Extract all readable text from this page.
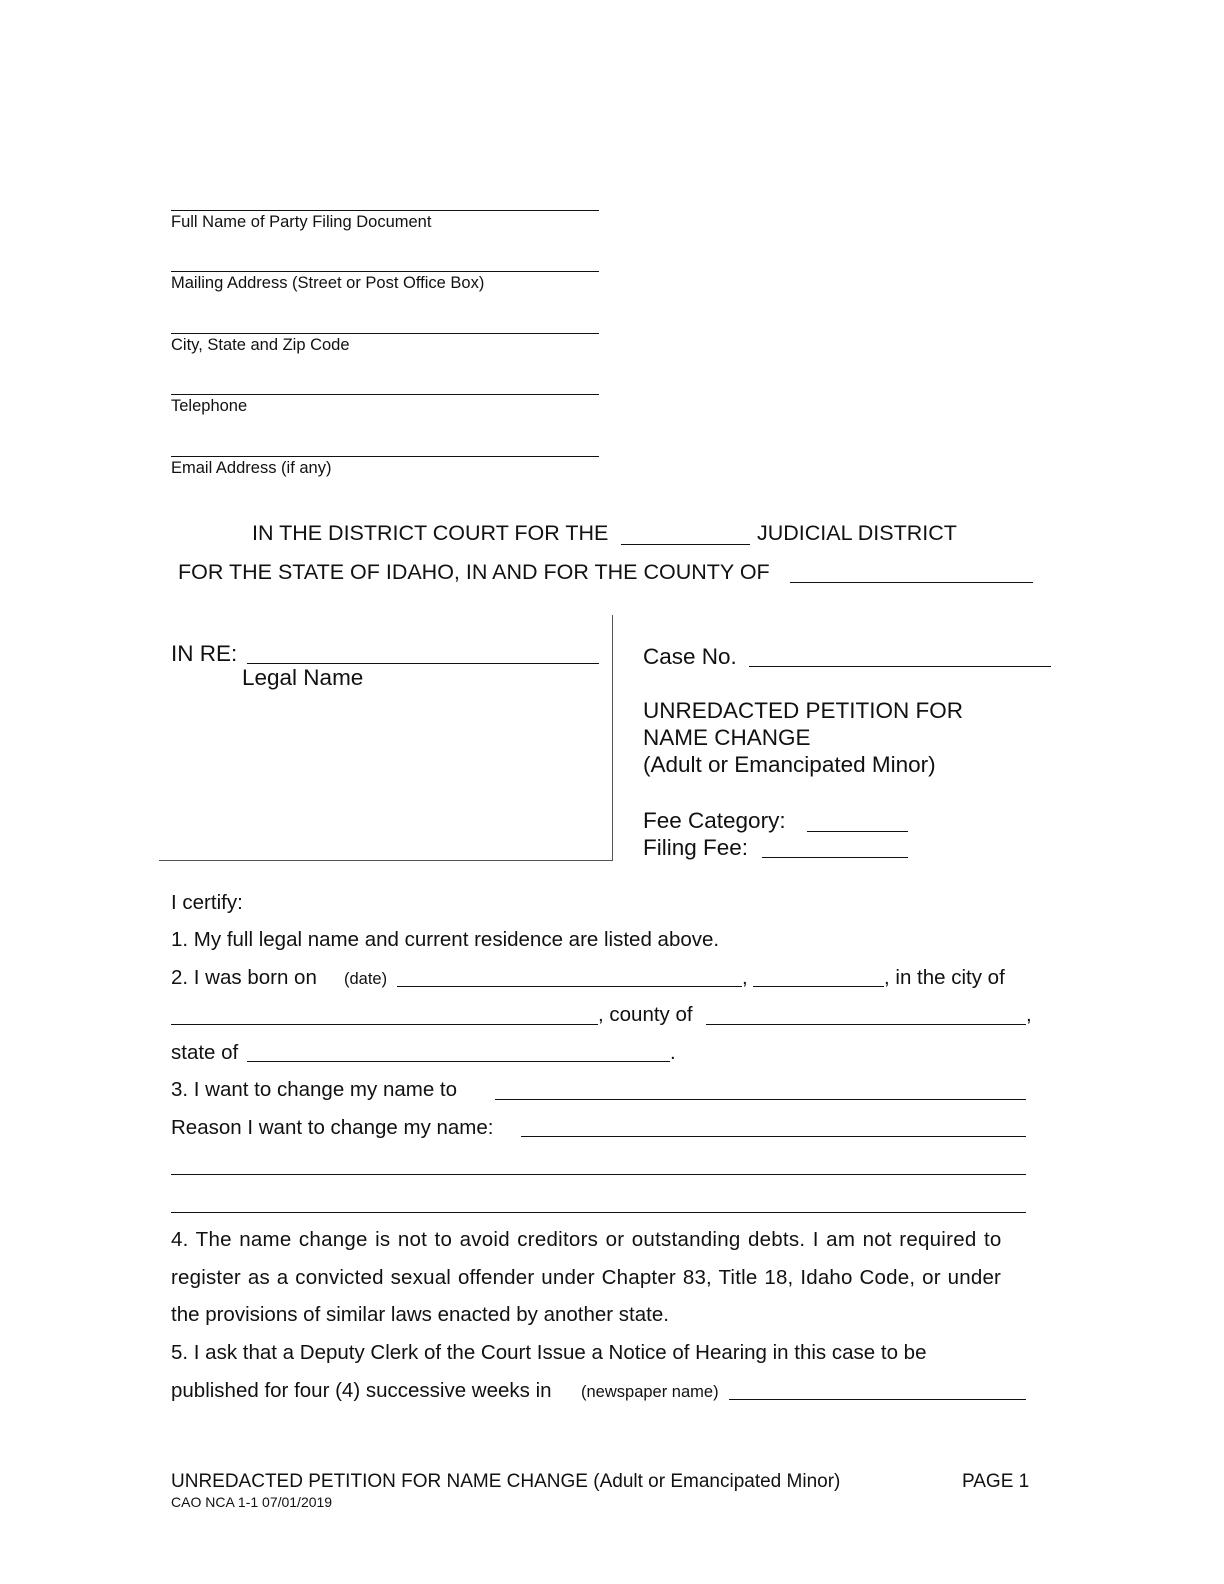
Full Name of Party Filing Document
Mailing Address (Street or Post Office Box)
City, State and Zip Code
Telephone
Email Address (if any)
IN THE DISTRICT COURT FOR THE	JUDICIAL DISTRICT
FOR THE STATE OF IDAHO, IN AND FOR THE COUNTY OF
IN RE:
Legal Name
Case No.
UNREDACTED PETITION FOR
NAME CHANGE
(Adult or Emancipated Minor)
Fee Category:
Filing Fee:
I certify:
1. My full legal name and current residence are listed above.
2. I was born on (date)	,	, in the city of
, county of	,
state of	.
3. I want to change my name to
Reason I want to change my name:
4. The name change is not to avoid creditors or outstanding debts. I am not required to
register as a convicted sexual offender under Chapter 83, Title 18, Idaho Code, or under
the provisions of similar laws enacted by another state.
5. I ask that a Deputy Clerk of the Court Issue a Notice of Hearing in this case to be
published for four (4) successive weeks in (newspaper name)
UNREDACTED PETITION FOR NAME CHANGE (Adult or Emancipated Minor)	PAGE 1
CAO NCA 1-1 07/01/2019
